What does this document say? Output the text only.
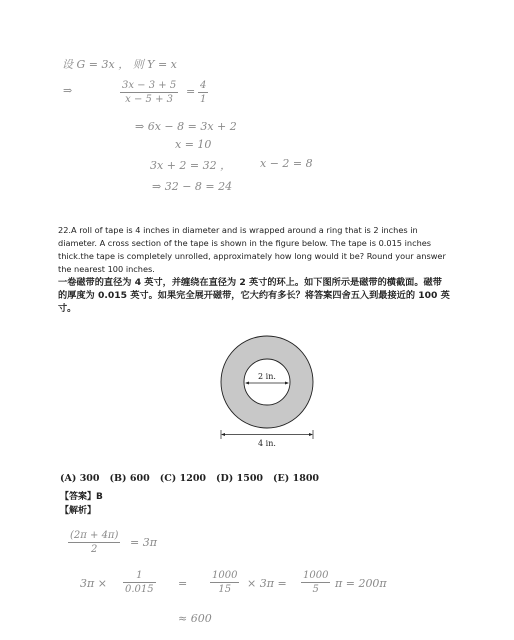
设 G = 3x ， 则 Y = x
⇒	3x − 3 + 5
x − 5 + 3
= 4
1
⇒ 6x − 8 = 3x + 2
x = 10
3x + 2 = 32 ，	x − 2 = 8
⇒ 32 − 8 = 24

22.A roll of tape is 4 inches in diameter and is wrapped around a ring that is 2 inches in diameter. A cross section of the tape is shown in the figure below. The tape is 0.015 inches thick.the tape is completely unrolled, approximately how long would it be? Round your answer the nearest 100 inches.

一卷磁带的直径为 4 英寸，并缠绕在直径为 2 英寸的环上。如下图所示是磁带的横截面。磁带的厚度为 0.015 英寸。如果完全展开磁带，它大约有多长？将答案四舍五入到最接近的 100 英寸。

2 in.
4 in.
(A) 300 (B) 600 (C) 1200 (D) 1500 (E) 1800
【答案】B
【解析】
(2π + 4π)
2
= 3π
3π ×
1
0.015 =
1000
15 × 3π =
1000
5 π = 200π
≈ 600
